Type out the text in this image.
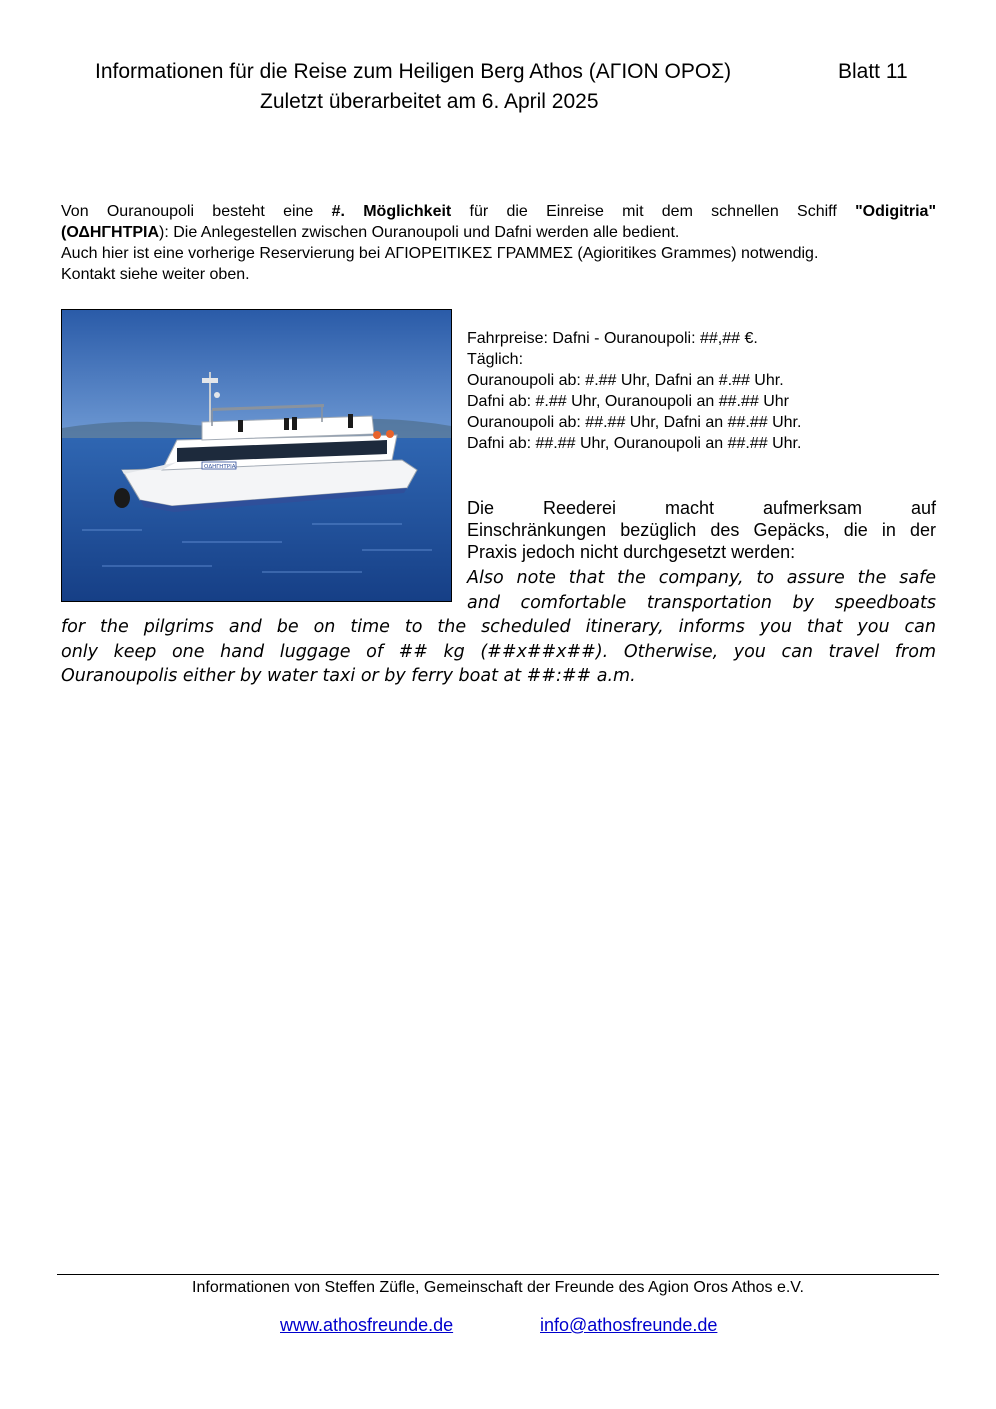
Informationen für die Reise zum Heiligen Berg Athos (ΑΓΙΟΝ ΟΡΟΣ)	Blatt 11
Zuletzt überarbeitet am 6. April 2025

Von Ouranoupoli besteht eine #. Möglichkeit für die Einreise mit dem schnellen Schiff "Odigitria"

(ΟΔΗΓΗΤΡΙΑ): Die Anlegestellen zwischen Ouranoupoli und Dafni werden alle bedient.

Auch hier ist eine vorherige Reservierung bei ΑΓΙΟΡΕΙΤΙΚΕΣ ΓΡΑΜΜΕΣ (Agioritikes Grammes) notwendig.

Kontakt siehe weiter oben.

ΟΔΗΓΗΤΡΙΑ
Fahrpreise: Dafni - Ouranoupoli: ##,## €.
Täglich:
Ouranoupoli ab: #.## Uhr, Dafni an #.## Uhr.
Dafni ab: #.## Uhr, Ouranoupoli an ##.## Uhr
Ouranoupoli ab: ##.## Uhr, Dafni an ##.## Uhr.
Dafni ab: ##.## Uhr, Ouranoupoli an ##.## Uhr.
Die Reederei macht aufmerksam auf
Einschränkungen bezüglich des Gepäcks, die in der
Praxis jedoch nicht durchgesetzt werden:
Also note that the company, to assure the safe
and comfortable transportation by speedboats
for the pilgrims and be on time to the scheduled itinerary, informs you that you can
only keep one hand luggage of ## kg (##x##x##). Otherwise, you can travel from
Ouranoupolis either by water taxi or by ferry boat at ##:## a.m.
Informationen von Steffen Züfle, Gemeinschaft der Freunde des Agion Oros Athos e.V.
www.athosfreunde.de	info@athosfreunde.de
